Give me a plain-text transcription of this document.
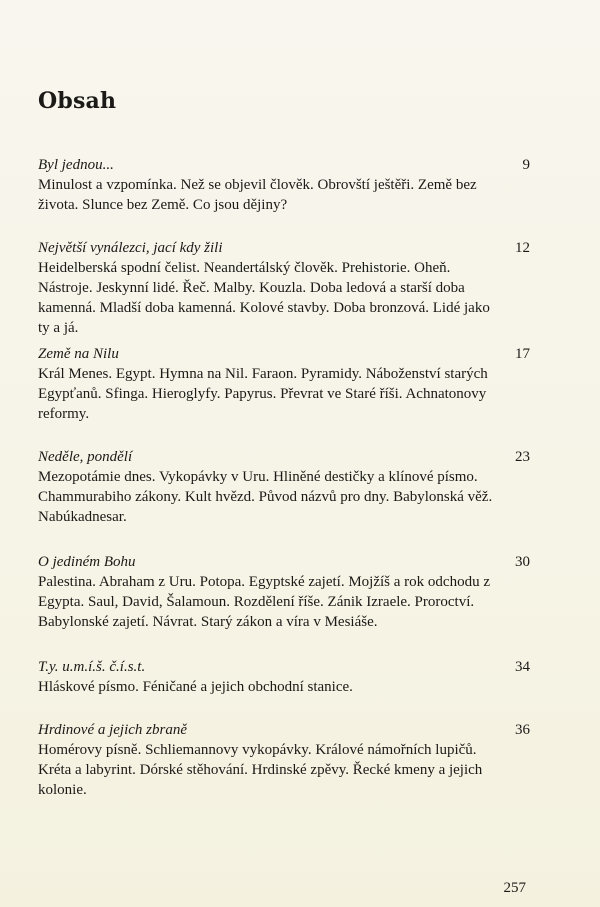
Obsah
Byl jednou...	9
Minulost a vzpomínka. Než se objevil člověk. Obrovští ještěři. Země bez života. Slunce bez Země. Co jsou dějiny?
Největší vynálezci, jací kdy žili	12
Heidelberská spodní čelist. Neandertálský člověk. Prehistorie. Oheň. Nástroje. Jeskynní lidé. Řeč. Malby. Kouzla. Doba ledová a starší doba kamenná. Mladší doba kamenná. Kolové stavby. Doba bronzová. Lidé jako ty a já.
Země na Nilu	17
Král Menes. Egypt. Hymna na Nil. Faraon. Pyramidy. Náboženství starých Egypťanů. Sfinga. Hieroglyfy. Papyrus. Převrat ve Staré říši. Achnatonovy reformy.
Neděle, pondělí	23
Mezopotámie dnes. Vykopávky v Uru. Hliněné destičky a klínové písmo. Chammurabiho zákony. Kult hvězd. Původ názvů pro dny. Babylonská věž. Nabúkadnesar.
O jediném Bohu	30
Palestina. Abraham z Uru. Potopa. Egyptské zajetí. Mojžíš a rok odchodu z Egypta. Saul, David, Šalamoun. Rozdělení říše. Zánik Izraele. Proroctví. Babylonské zajetí. Návrat. Starý zákon a víra v Mesiáše.
T.y. u.m.í.š. č.í.s.t.	34
Hláskové písmo. Féničané a jejich obchodní stanice.
Hrdinové a jejich zbraně	36
Homérovy písně. Schliemannovy vykopávky. Králové námořních lupičů. Kréta a labyrint. Dórské stěhování. Hrdinské zpěvy. Řecké kmeny a jejich kolonie.
257
